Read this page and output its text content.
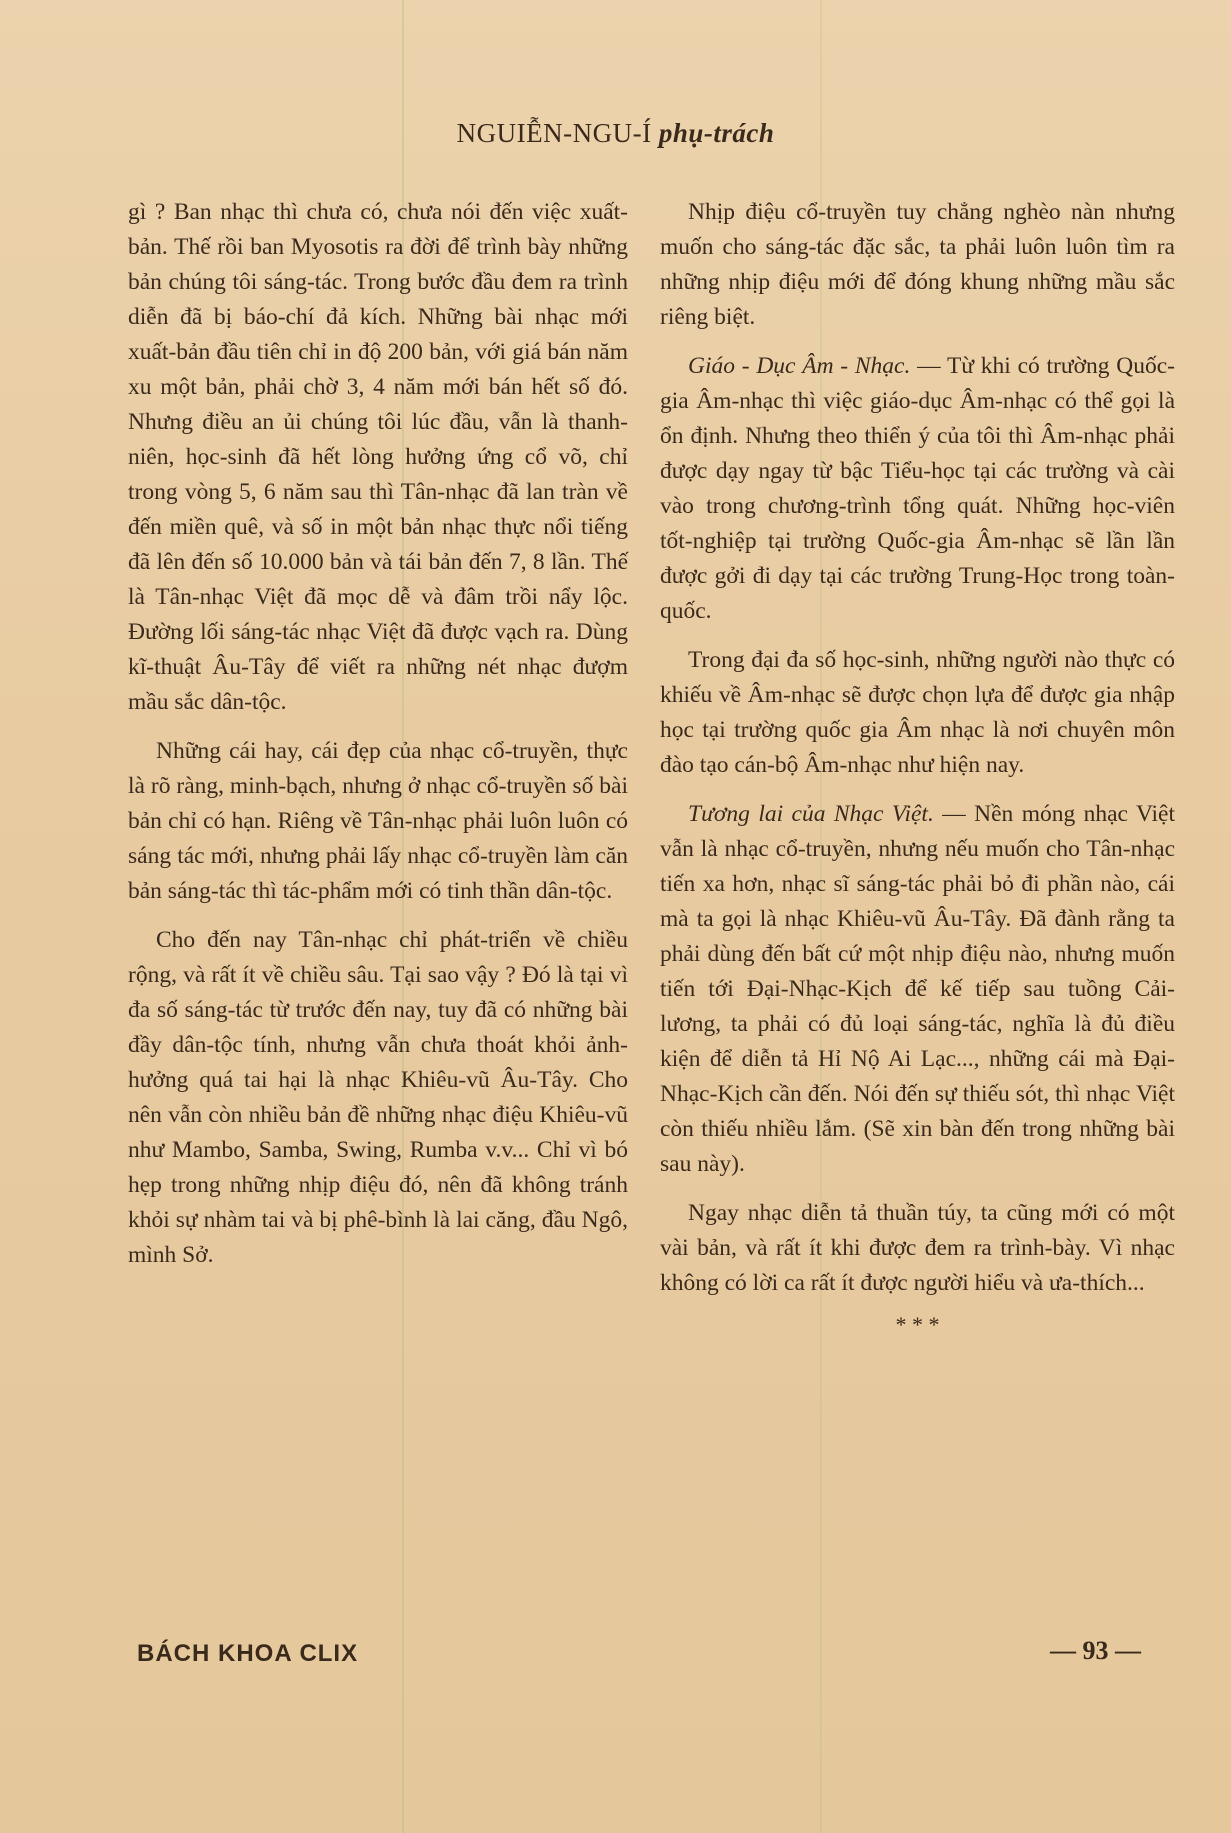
NGUIỄN-NGU-Í phụ-trách

gì ? Ban nhạc thì chưa có, chưa nói đến việc xuất-bản. Thế rồi ban Myosotis ra đời để trình bày những bản chúng tôi sáng-tác. Trong bước đầu đem ra trình diễn đã bị báo-chí đả kích. Những bài nhạc mới xuất-bản đầu tiên chỉ in độ 200 bản, với giá bán năm xu một bản, phải chờ 3, 4 năm mới bán hết số đó. Nhưng điều an ủi chúng tôi lúc đầu, vẫn là thanh-niên, học-sinh đã hết lòng hưởng ứng cổ võ, chỉ trong vòng 5, 6 năm sau thì Tân-nhạc đã lan tràn về đến miền quê, và số in một bản nhạc thực nổi tiếng đã lên đến số 10.000 bản và tái bản đến 7, 8 lần. Thế là Tân-nhạc Việt đã mọc dễ và đâm trồi nẩy lộc. Đường lối sáng-tác nhạc Việt đã được vạch ra. Dùng kĩ-thuật Âu-Tây để viết ra những nét nhạc đượm mầu sắc dân-tộc.

Những cái hay, cái đẹp của nhạc cổ-truyền, thực là rõ ràng, minh-bạch, nhưng ở nhạc cổ-truyền số bài bản chỉ có hạn. Riêng về Tân-nhạc phải luôn luôn có sáng tác mới, nhưng phải lấy nhạc cổ-truyền làm căn bản sáng-tác thì tác-phẩm mới có tinh thần dân-tộc.

Cho đến nay Tân-nhạc chỉ phát-triển về chiều rộng, và rất ít về chiều sâu. Tại sao vậy ? Đó là tại vì đa số sáng-tác từ trước đến nay, tuy đã có những bài đầy dân-tộc tính, nhưng vẫn chưa thoát khỏi ảnh-hưởng quá tai hại là nhạc Khiêu-vũ Âu-Tây. Cho nên vẫn còn nhiều bản đề những nhạc điệu Khiêu-vũ như Mambo, Samba, Swing, Rumba v.v... Chỉ vì bó hẹp trong những nhịp điệu đó, nên đã không tránh khỏi sự nhàm tai và bị phê-bình là lai căng, đầu Ngô, mình Sở.

Nhịp điệu cổ-truyền tuy chẳng nghèo nàn nhưng muốn cho sáng-tác đặc sắc, ta phải luôn luôn tìm ra những nhịp điệu mới để đóng khung những mầu sắc riêng biệt.

Giáo - Dục Âm - Nhạc. — Từ khi có trường Quốc-gia Âm-nhạc thì việc giáo-dục Âm-nhạc có thể gọi là ổn định. Nhưng theo thiển ý của tôi thì Âm-nhạc phải được dạy ngay từ bậc Tiểu-học tại các trường và cài vào trong chương-trình tổng quát. Những học-viên tốt-nghiệp tại trường Quốc-gia Âm-nhạc sẽ lần lần được gởi đi dạy tại các trường Trung-Học trong toàn-quốc.

Trong đại đa số học-sinh, những người nào thực có khiếu về Âm-nhạc sẽ được chọn lựa để được gia nhập học tại trường quốc gia Âm nhạc là nơi chuyên môn đào tạo cán-bộ Âm-nhạc như hiện nay.

Tương lai của Nhạc Việt. — Nền móng nhạc Việt vẫn là nhạc cổ-truyền, nhưng nếu muốn cho Tân-nhạc tiến xa hơn, nhạc sĩ sáng-tác phải bỏ đi phần nào, cái mà ta gọi là nhạc Khiêu-vũ Âu-Tây. Đã đành rằng ta phải dùng đến bất cứ một nhịp điệu nào, nhưng muốn tiến tới Đại-Nhạc-Kịch để kế tiếp sau tuồng Cải-lương, ta phải có đủ loại sáng-tác, nghĩa là đủ điều kiện để diễn tả Hỉ Nộ Ai Lạc..., những cái mà Đại-Nhạc-Kịch cần đến. Nói đến sự thiếu sót, thì nhạc Việt còn thiếu nhiều lắm. (Sẽ xin bàn đến trong những bài sau này).

Ngay nhạc diễn tả thuần túy, ta cũng mới có một vài bản, và rất ít khi được đem ra trình-bày. Vì nhạc không có lời ca rất ít được người hiểu và ưa-thích...

* * *
BÁCH KHOA CLIX	— 93 —
